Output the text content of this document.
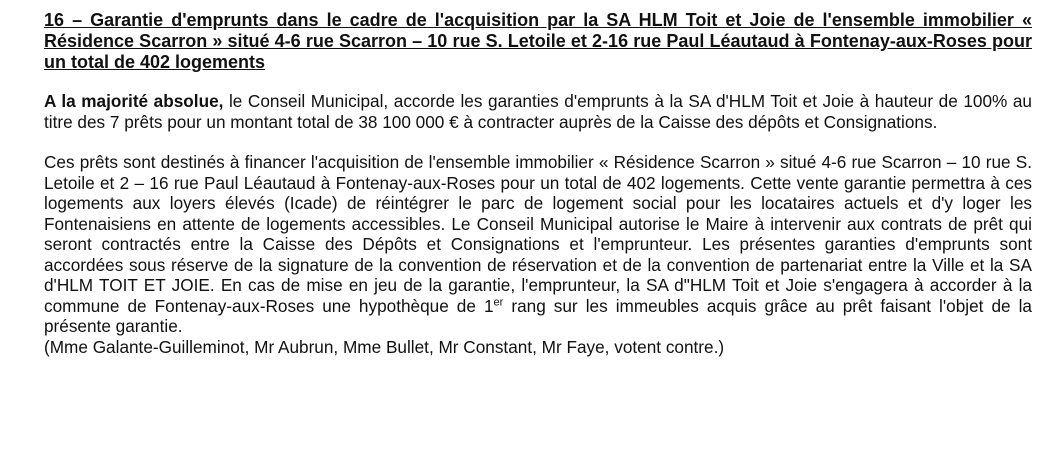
16 – Garantie d'emprunts dans le cadre de l'acquisition par la SA HLM Toit et Joie de l'ensemble immobilier « Résidence Scarron » situé 4-6 rue Scarron – 10 rue S. Letoile et 2-16 rue Paul Léautaud à Fontenay-aux-Roses pour un total de 402 logements

A la majorité absolue, le Conseil Municipal, accorde les garanties d'emprunts à la SA d'HLM Toit et Joie à hauteur de 100% au titre des 7 prêts pour un montant total de 38 100 000 € à contracter auprès de la Caisse des dépôts et Consignations.

Ces prêts sont destinés à financer l'acquisition de l'ensemble immobilier « Résidence Scarron » situé 4-6 rue Scarron – 10 rue S. Letoile et 2 – 16 rue Paul Léautaud à Fontenay-aux-Roses pour un total de 402 logements. Cette vente garantie permettra à ces logements aux loyers élevés (Icade) de réintégrer le parc de logement social pour les locataires actuels et d'y loger les Fontenaisiens en attente de logements accessibles. Le Conseil Municipal autorise le Maire à intervenir aux contrats de prêt qui seront contractés entre la Caisse des Dépôts et Consignations et l'emprunteur. Les présentes garanties d'emprunts sont accordées sous réserve de la signature de la convention de réservation et de la convention de partenariat entre la Ville et la SA d'HLM TOIT ET JOIE. En cas de mise en jeu de la garantie, l'emprunteur, la SA d"HLM Toit et Joie s'engagera à accorder à la commune de Fontenay-aux-Roses une hypothèque de 1er rang sur les immeubles acquis grâce au prêt faisant l'objet de la présente garantie.
(Mme Galante-Guilleminot, Mr Aubrun, Mme Bullet, Mr Constant, Mr Faye, votent contre.)
